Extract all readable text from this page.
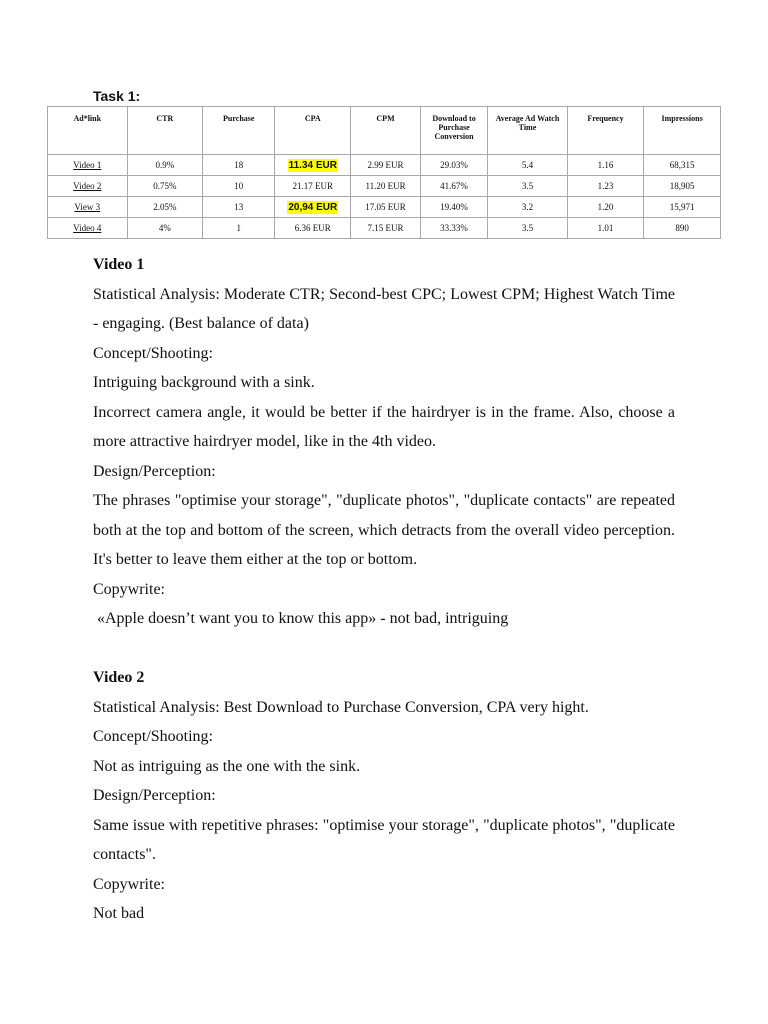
Task 1:
Ad*link	CTR	Purchase	CPA	CPM	Download to Purchase Conversion	Average Ad Watch Time	Frequency	Impressions
Video 1	0.9%	18	11.34 EUR	2.99 EUR	29.03%	5.4	1.16	68,315
Video 2	0.75%	10	21.17 EUR	11.20 EUR	41.67%	3.5	1.23	18,905
View 3	2.05%	13	20,94 EUR	17.05 EUR	19.40%	3.2	1.20	15,971
Video 4	4%	1	6.36 EUR	7.15 EUR	33.33%	3.5	1.01	890

Video 1

Statistical Analysis: Moderate CTR; Second-best CPC; Lowest CPM; Highest Watch Time - engaging. (Best balance of data)

Concept/Shooting:

Intriguing background with a sink.

Incorrect camera angle, it would be better if the hairdryer is in the frame. Also, choose a more attractive hairdryer model, like in the 4th video.

Design/Perception:

The phrases "optimise your storage", "duplicate photos", "duplicate contacts" are repeated both at the top and bottom of the screen, which detracts from the overall video perception. It's better to leave them either at the top or bottom.

Copywrite:

«Apple doesn’t want you to know this app» - not bad, intriguing

Video 2

Statistical Analysis: Best Download to Purchase Conversion, CPA very hight.

Concept/Shooting:

Not as intriguing as the one with the sink.

Design/Perception:

Same issue with repetitive phrases: "optimise your storage", "duplicate photos", "duplicate contacts".

Copywrite:

Not bad
